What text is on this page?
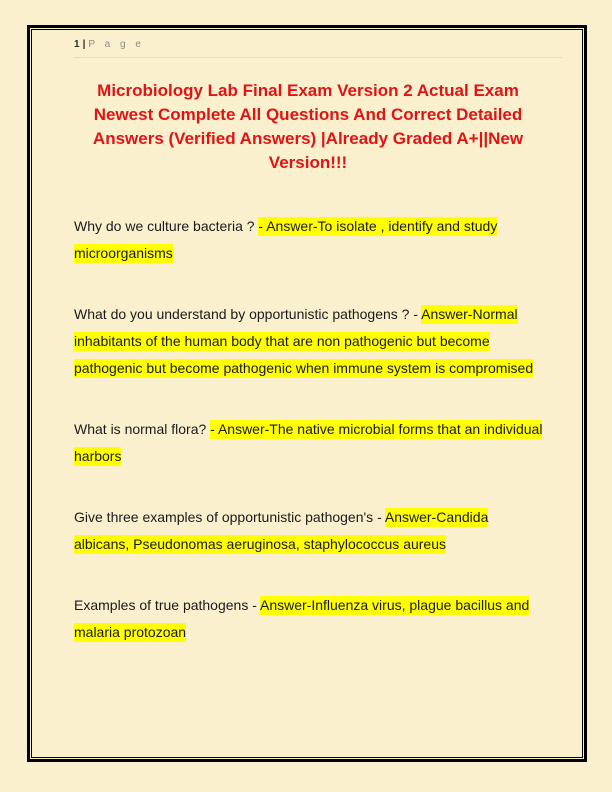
1 | P a g e
Microbiology Lab Final Exam Version 2 Actual Exam Newest Complete All Questions And Correct Detailed Answers (Verified Answers) |Already Graded A+||New Version!!!

Why do we culture bacteria ? - Answer-To isolate , identify and study microorganisms

What do you understand by opportunistic pathogens ? - Answer-Normal inhabitants of the human body that are non pathogenic but become pathogenic but become pathogenic when immune system is compromised

What is normal flora? - Answer-The native microbial forms that an individual harbors

Give three examples of opportunistic pathogen's - Answer-Candida albicans, Pseudonomas aeruginosa, staphylococcus aureus

Examples of true pathogens - Answer-Influenza virus, plague bacillus and malaria protozoan
